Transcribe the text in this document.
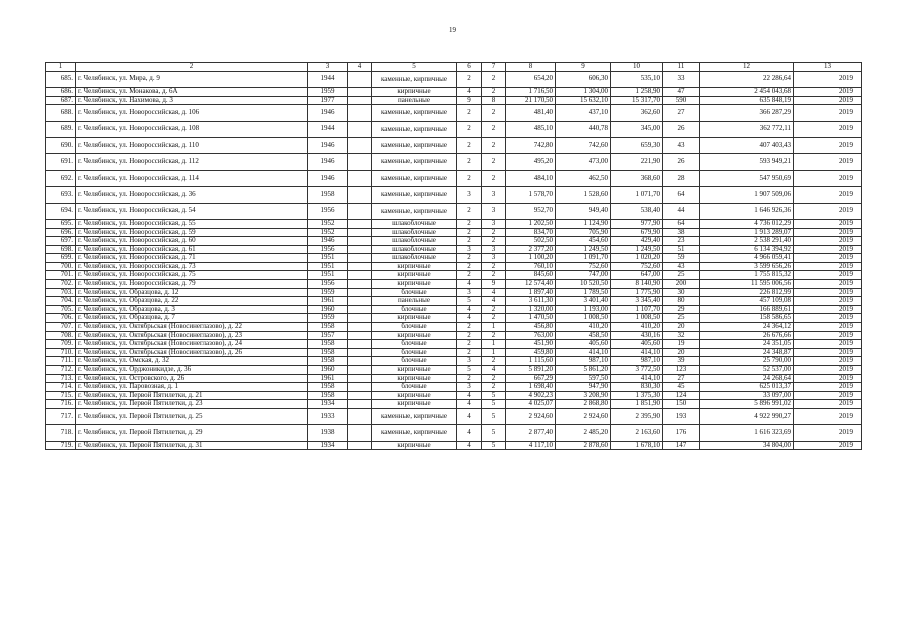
19
1	2	3	4	5	6	7	8	9	10	11	12	13
685.	г. Челябинск, ул. Мира, д. 9	1944		каменные, кирпичные	2	2	654,20	606,30	535,10	33	22 286,64	2019
686.	г. Челябинск, ул. Монакова, д. 6А	1959		кирпичные	4	2	1 716,50	1 304,00	1 258,90	47	2 454 043,68	2019
687.	г. Челябинск, ул. Нахимова, д. 3	1977		панельные	9	8	21 170,50	15 632,10	15 317,70	590	635 848,19	2019
688.	г. Челябинск, ул. Новороссийская, д. 106	1946		каменные, кирпичные	2	2	481,40	437,10	362,60	27	366 287,29	2019
689.	г. Челябинск, ул. Новороссийская, д. 108	1944		каменные, кирпичные	2	2	485,10	440,78	345,00	26	362 772,11	2019
690.	г. Челябинск, ул. Новороссийская, д. 110	1946		каменные, кирпичные	2	2	742,80	742,60	659,30	43	407 403,43	2019
691.	г. Челябинск, ул. Новороссийская, д. 112	1946		каменные, кирпичные	2	2	495,20	473,00	221,90	26	593 949,21	2019
692.	г. Челябинск, ул. Новороссийская, д. 114	1946		каменные, кирпичные	2	2	484,10	462,50	368,60	28	547 950,69	2019
693.	г. Челябинск, ул. Новороссийская, д. 36	1958		каменные, кирпичные	3	3	1 578,70	1 528,60	1 071,70	64	1 907 509,06	2019
694.	г. Челябинск, ул. Новороссийская, д. 54	1956		каменные, кирпичные	2	3	952,70	949,40	538,40	44	1 646 926,36	2019
695.	г. Челябинск, ул. Новороссийская, д. 55	1952		шлакоблочные	2	3	1 202,50	1 124,90	977,90	64	4 736 012,29	2019
696.	г. Челябинск, ул. Новороссийская, д. 59	1952		шлакоблочные	2	2	834,70	705,90	679,90	38	1 913 289,07	2019
697.	г. Челябинск, ул. Новороссийская, д. 60	1946		шлакоблочные	2	2	502,50	454,60	429,40	23	2 538 291,40	2019
698.	г. Челябинск, ул. Новороссийская, д. 61	1956		шлакоблочные	3	3	2 377,20	1 249,50	1 249,50	51	6 134 394,92	2019
699.	г. Челябинск, ул. Новороссийская, д. 71	1951		шлакоблочные	2	3	1 100,20	1 091,70	1 020,20	59	4 966 059,41	2019
700.	г. Челябинск, ул. Новороссийская, д. 73	1951		кирпичные	2	2	760,10	752,60	752,60	43	3 599 656,26	2019
701.	г. Челябинск, ул. Новороссийская, д. 75	1951		кирпичные	2	2	845,60	747,00	647,00	25	1 755 815,32	2019
702.	г. Челябинск, ул. Новороссийская, д. 79	1956		кирпичные	4	9	12 574,40	10 520,50	8 140,90	200	11 595 006,56	2019
703.	г. Челябинск, ул. Образцова, д. 12	1959		блочные	3	4	1 897,40	1 789,50	1 775,90	30	226 812,99	2019
704.	г. Челябинск, ул. Образцова, д. 22	1961		панельные	5	4	3 611,30	3 401,40	3 345,40	80	457 109,08	2019
705.	г. Челябинск, ул. Образцова, д. 3	1960		блочные	4	2	1 320,00	1 193,00	1 107,70	29	166 889,61	2019
706.	г. Челябинск, ул. Образцова, д. 7	1959		кирпичные	4	2	1 470,50	1 008,50	1 008,50	25	158 586,65	2019
707.	г. Челябинск, ул. Октябрьская (Новосинеглазово), д. 22	1958		блочные	2	1	456,80	410,20	410,20	20	24 364,12	2019
708.	г. Челябинск, ул. Октябрьская (Новосинеглазово), д. 23	1957		кирпичные	2	2	763,00	458,50	430,16	32	26 676,66	2019
709.	г. Челябинск, ул. Октябрьская (Новосинеглазово), д. 24	1958		блочные	2	1	451,90	405,60	405,60	19	24 351,05	2019
710.	г. Челябинск, ул. Октябрьская (Новосинеглазово), д. 26	1958		блочные	2	1	459,80	414,10	414,10	20	24 348,87	2019
711.	г. Челябинск, ул. Омская, д. 32	1958		блочные	3	2	1 115,60	987,10	987,10	39	25 790,00	2019
712.	г. Челябинск, ул. Орджоникидзе, д. 36	1960		кирпичные	5	4	5 891,20	5 861,20	3 772,50	123	52 537,00	2019
713.	г. Челябинск, ул. Островского, д. 26	1961		кирпичные	2	2	667,29	597,50	414,10	27	24 268,64	2019
714.	г. Челябинск, ул. Паровозная, д. 1	1958		блочные	3	2	1 698,40	947,90	830,30	45	625 013,37	2019
715.	г. Челябинск, ул. Первой Пятилетки, д. 21	1958		кирпичные	4	5	4 902,23	3 208,90	1 375,30	124	33 097,00	2019
716.	г. Челябинск, ул. Первой Пятилетки, д. 23	1934		кирпичные	4	5	4 025,07	2 868,80	1 851,90	150	5 896 991,02	2019
717.	г. Челябинск, ул. Первой Пятилетки, д. 25	1933		каменные, кирпичные	4	5	2 924,60	2 924,60	2 395,90	193	4 922 990,27	2019
718.	г. Челябинск, ул. Первой Пятилетки, д. 29	1938		каменные, кирпичные	4	5	2 877,40	2 485,20	2 163,60	176	1 616 323,69	2019
719.	г. Челябинск, ул. Первой Пятилетки, д. 31	1934		кирпичные	4	5	4 117,10	2 878,60	1 678,10	147	34 804,00	2019
